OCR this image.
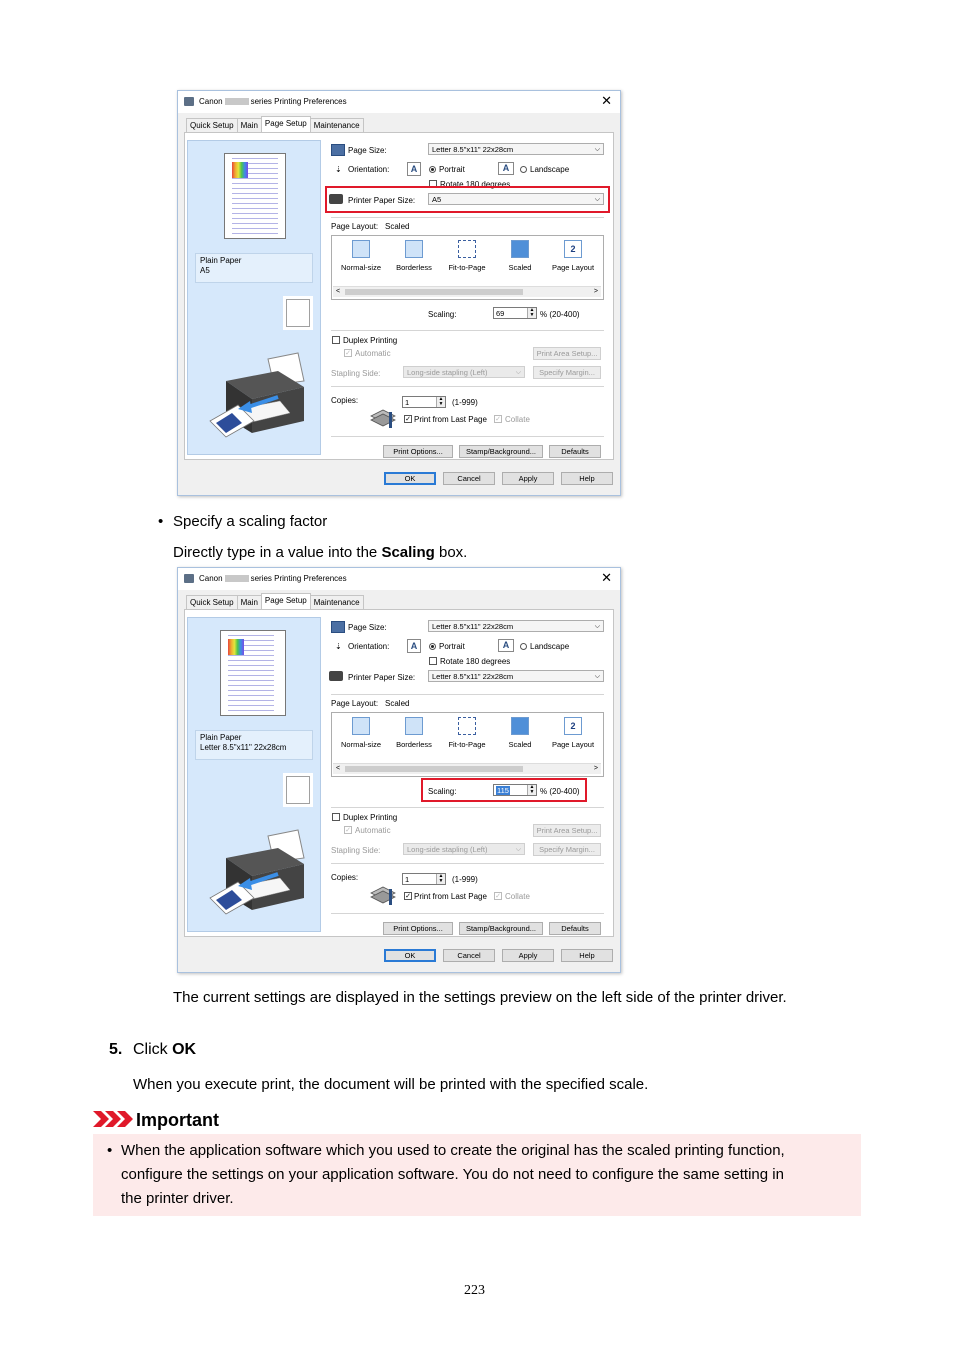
Canon	series Printing Preferences	✕
Quick Setup Main Page Setup Maintenance
Plain Paper
A5
Page Size:	Letter 8.5"x11" 22x28cm	⌵
⇣ Orientation:	A	Portrait	A	Landscape
Rotate 180 degrees
Printer Paper Size:	A5	⌵
Page Layout: Scaled
Normal-size	Borderless	Fit-to-Page	Scaled
2
Page Layout
<	>
Scaling:	69	▲
▼ % (20-400)
Duplex Printing
✓ Automatic	Print Area Setup...
Stapling Side:	Long-side stapling (Left)	⌵	Specify Margin...
Copies:	1	▲
▼ (1-999)
✓ Print from Last Page ✓ Collate
Print Options...	Stamp/Background...	Defaults
OK	Cancel	Apply	Help
• Specify a scaling factor
Directly type in a value into the Scaling box.
Canon	series Printing Preferences	✕
Quick Setup Main Page Setup Maintenance
Plain Paper
Letter 8.5"x11" 22x28cm
Page Size:	Letter 8.5"x11" 22x28cm	⌵
⇣ Orientation:	A	Portrait	A	Landscape
Rotate 180 degrees
Printer Paper Size:	Letter 8.5"x11" 22x28cm	⌵
Page Layout: Scaled
Normal-size	Borderless	Fit-to-Page	Scaled
2
Page Layout
<	>
Scaling:	115	▲
▼ % (20-400)
Duplex Printing
✓ Automatic	Print Area Setup...
Stapling Side:	Long-side stapling (Left)	⌵	Specify Margin...
Copies:	1	▲
▼ (1-999)
✓ Print from Last Page ✓ Collate
Print Options...	Stamp/Background...	Defaults
OK	Cancel	Apply	Help
The current settings are displayed in the settings preview on the left side of the printer driver.
5. Click OK
When you execute print, the document will be printed with the specified scale.
Important
• When the application software which you used to create the original has the scaled printing function,
configure the settings on your application software. You do not need to configure the same setting in
the printer driver.
223
